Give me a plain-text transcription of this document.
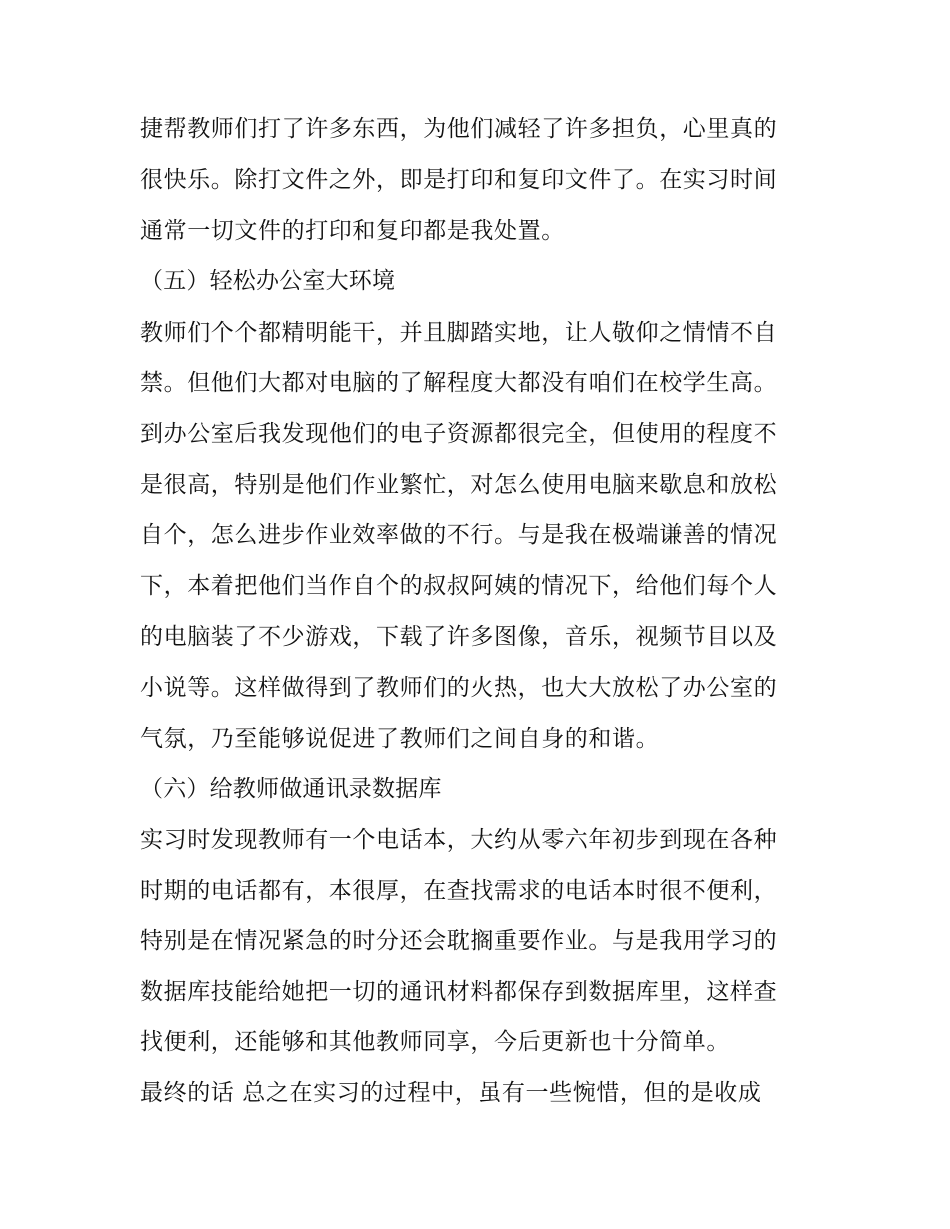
捷帮教师们打了许多东西，为他们减轻了许多担负，心里真的
很快乐。除打文件之外，即是打印和复印文件了。在实习时间
通常一切文件的打印和复印都是我处置。
（五）轻松办公室大环境
教师们个个都精明能干，并且脚踏实地，让人敬仰之情情不自
禁。但他们大都对电脑的了解程度大都没有咱们在校学生高。
到办公室后我发现他们的电子资源都很完全，但使用的程度不
是很高，特别是他们作业繁忙，对怎么使用电脑来歇息和放松
自个，怎么进步作业效率做的不行。与是我在极端谦善的情况
下，本着把他们当作自个的叔叔阿姨的情况下，给他们每个人
的电脑装了不少游戏，下载了许多图像，音乐，视频节目以及
小说等。这样做得到了教师们的火热，也大大放松了办公室的
气氛，乃至能够说促进了教师们之间自身的和谐。
（六）给教师做通讯录数据库
实习时发现教师有一个电话本，大约从零六年初步到现在各种
时期的电话都有，本很厚，在查找需求的电话本时很不便利，
特别是在情况紧急的时分还会耽搁重要作业。与是我用学习的
数据库技能给她把一切的通讯材料都保存到数据库里，这样查
找便利，还能够和其他教师同享，今后更新也十分简单。
最终的话 总之在实习的过程中，虽有一些惋惜，但的是收成
